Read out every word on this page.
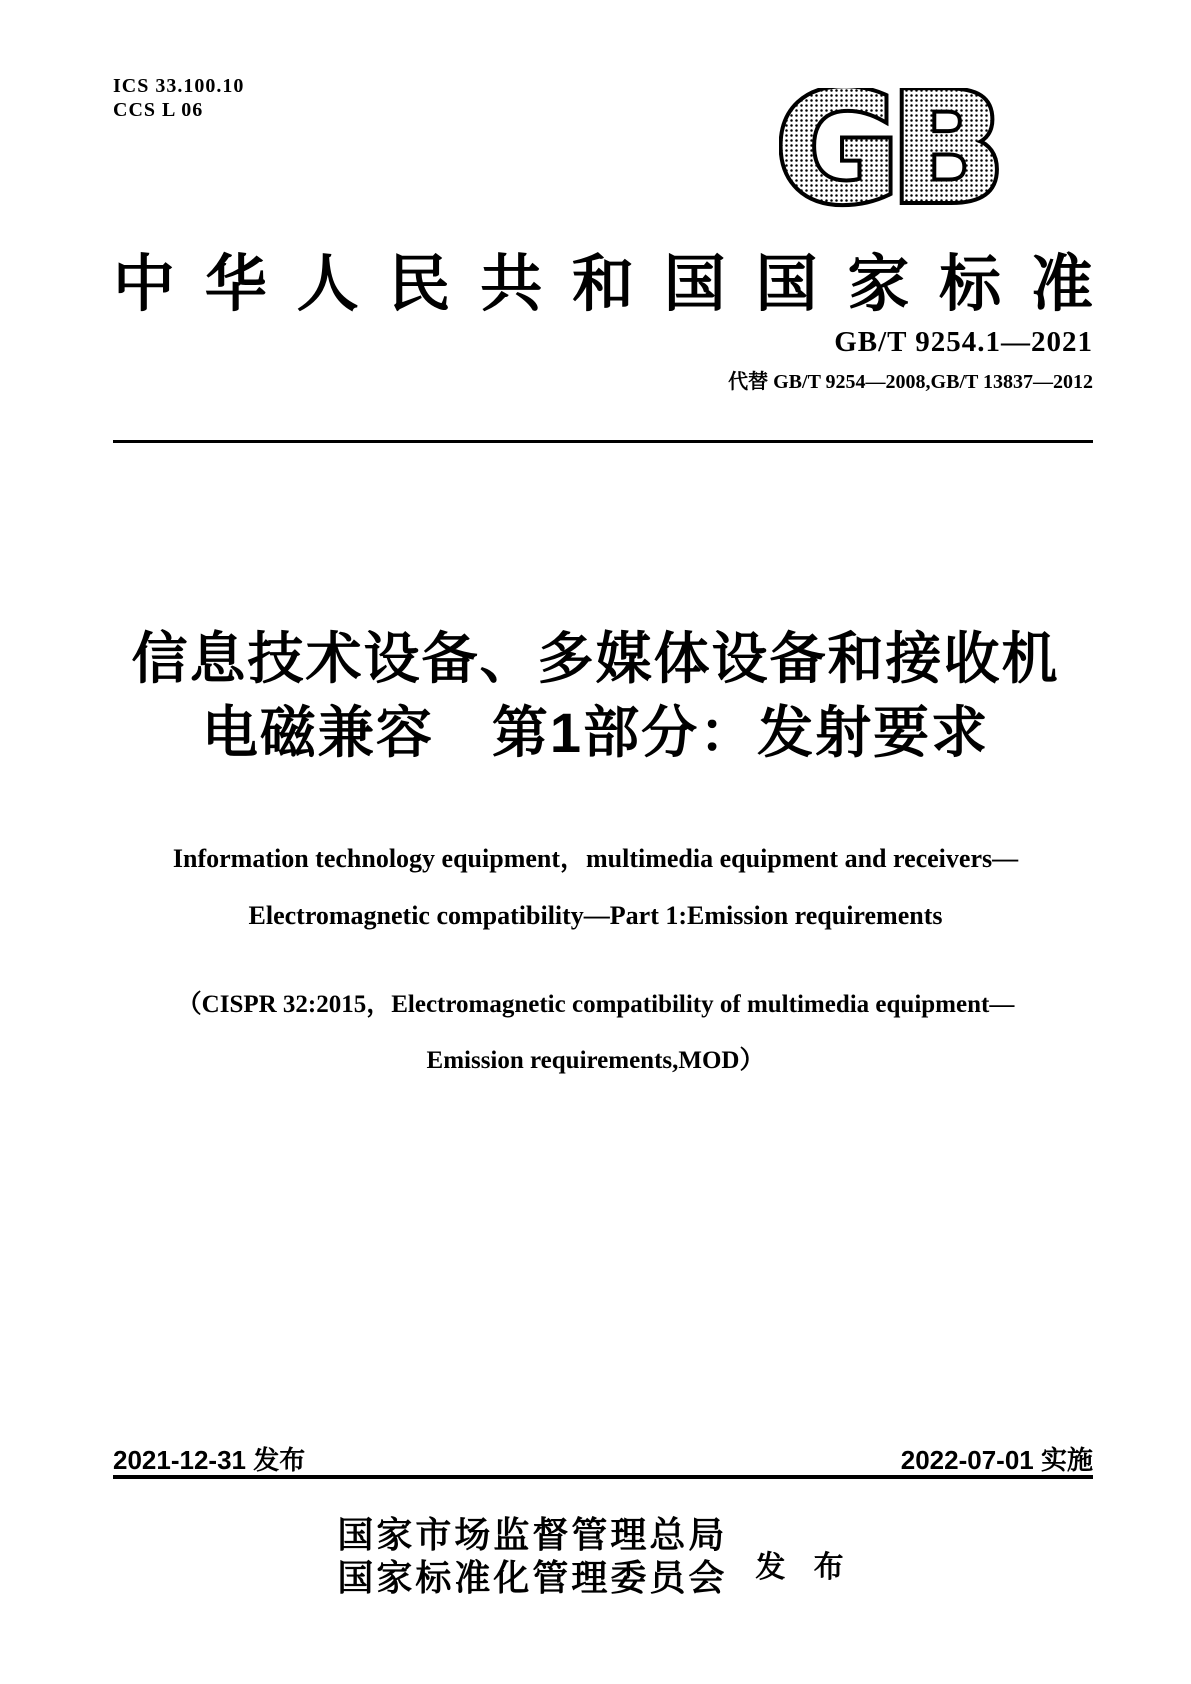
ICS 33.100.10
CCS L 06	GB
中 华 人 民 共 和 国 国 家 标 准
GB/T 9254.1—2021
代替 GB/T 9254—2008,GB/T 13837—2012
信息技术设备、多媒体设备和接收机
电磁兼容　第1部分：发射要求
Information technology equipment，multimedia equipment and receivers—
Electromagnetic compatibility—Part 1:Emission requirements
（CISPR 32:2015，Electromagnetic compatibility of multimedia equipment—
Emission requirements,MOD）
2021-12-31 发布	2022-07-01 实施
国家市场监督管理总局
国家标准化管理委员会 发 布
